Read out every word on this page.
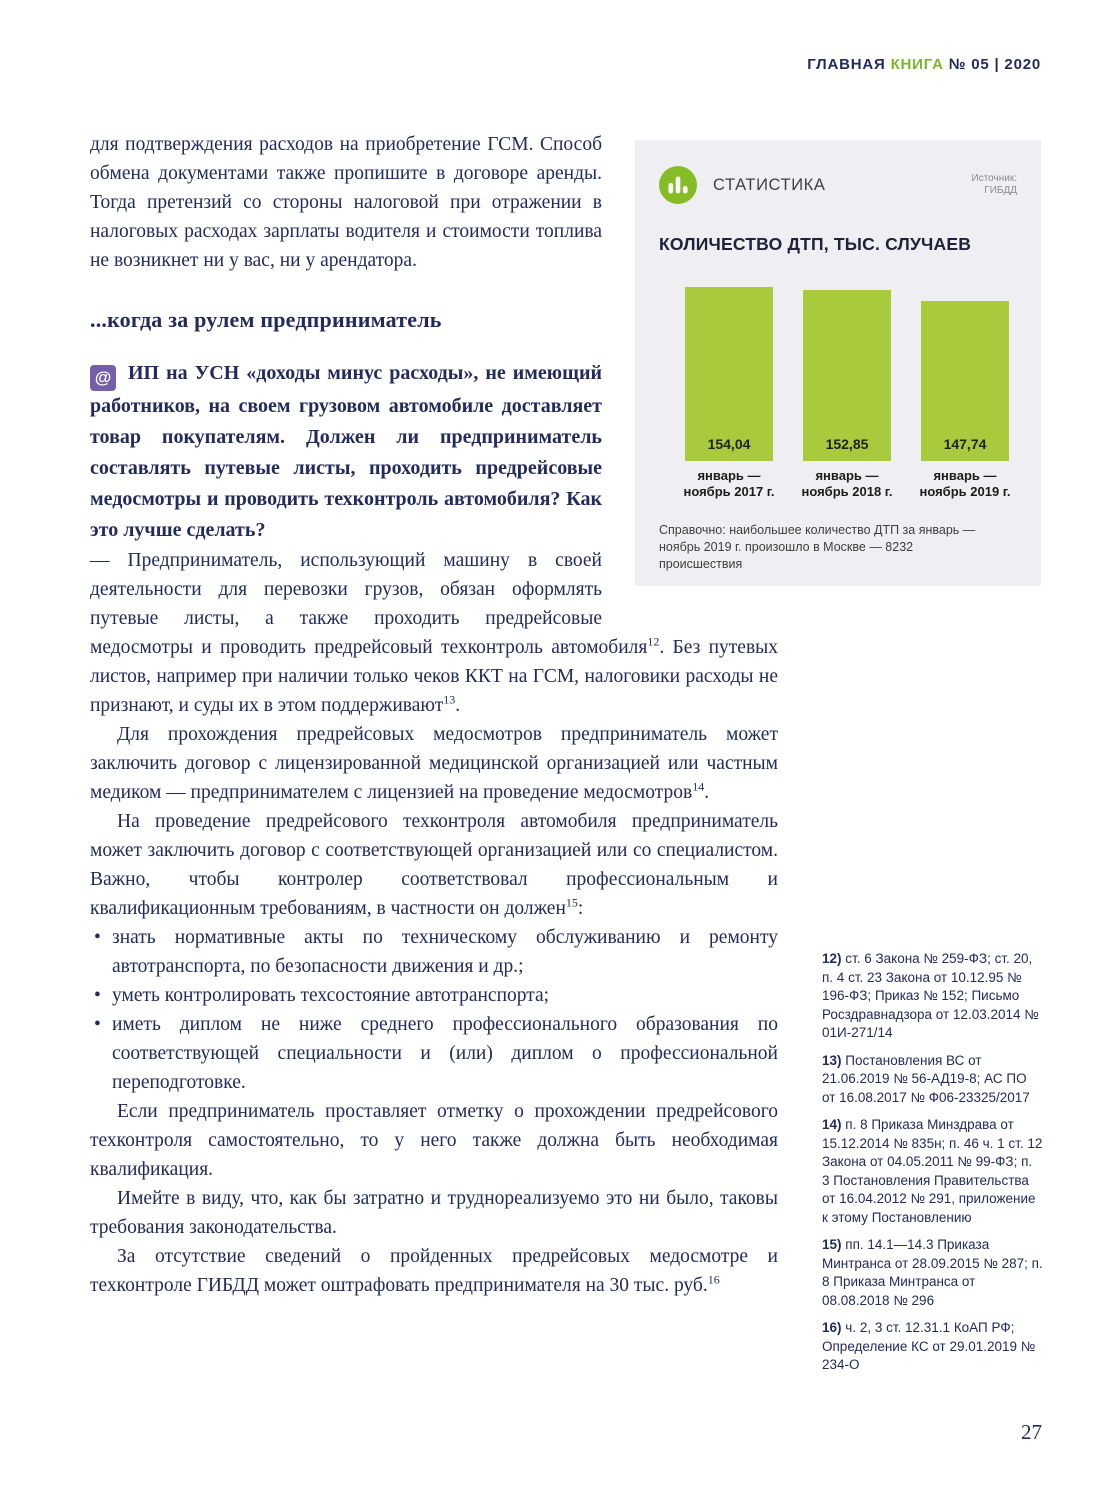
ГЛАВНАЯ КНИГА № 05 | 2020

для подтверждения расходов на приобретение ГСМ. Способ обмена документами также пропишите в договоре аренды. Тогда претензий со стороны налоговой при отражении в налоговых расходах зарплаты водителя и стоимости топлива не возникнет ни у вас, ни у арендатора.

...когда за рулем предприниматель

@ ИП на УСН «доходы минус расходы», не имеющий работников, на своем грузовом автомобиле доставляет товар покупателям. Должен ли предприниматель составлять путевые листы, проходить предрейсовые медосмотры и проводить техконтроль автомобиля? Как это лучше сделать?

— Предприниматель, использующий машину в своей деятельности для перевозки грузов, обязан оформлять путевые листы, а также проходить предрейсовые медосмотры и проводить предрейсовый техконтроль автомобиля$^{12}$. Без путевых листов, например при наличии только чеков ККТ на ГСМ, налоговики расходы не признают, и суды их в этом поддерживают$^{13}$.

Для прохождения предрейсовых медосмотров предприниматель может заключить договор с лицензированной медицинской организацией или частным медиком — предпринимателем с лицензией на проведение медосмотров$^{14}$.

На проведение предрейсового техконтроля автомобиля предприниматель может заключить договор с соответствующей организацией или со специалистом. Важно, чтобы контролер соответствовал профессиональным и квалификационным требованиям, в частности он должен$^{15}$:

• знать нормативные акты по техническому обслуживанию и ремонту автотранспорта, по безопасности движения и др.;
• уметь контролировать техсостояние автотранспорта;
• иметь диплом не ниже среднего профессионального образования по соответствующей специальности и (или) диплом о профессиональной переподготовке.

Если предприниматель проставляет отметку о прохождении предрейсового техконтроля самостоятельно, то у него также должна быть необходимая квалификация.

Имейте в виду, что, как бы затратно и труднореализуемо это ни было, таковы требования законодательства.

За отсутствие сведений о пройденных предрейсовых медосмотре и техконтроле ГИБДД может оштрафовать предпринимателя на 30 тыс. руб.$^{16}$

СТАТИСТИКА	Источник:
ГИБДД
КОЛИЧЕСТВО ДТП, ТЫС. СЛУЧАЕВ
154,04
январь — ноябрь 2017 г.
152,85
январь — ноябрь 2018 г.
147,74
январь — ноябрь 2019 г.
Справочно: наибольшее количество ДТП за январь — ноябрь 2019 г. произошло в Москве — 8232 происшествия
12) ст. 6 Закона № 259-ФЗ; ст. 20, п. 4 ст. 23 Закона от 10.12.95 № 196-ФЗ; Приказ № 152; Письмо Росздравнадзора от 12.03.2014 № 01И-271/14
13) Постановления ВС от 21.06.2019 № 56-АД19-8; АС ПО от 16.08.2017 № Ф06-23325/2017
14) п. 8 Приказа Минздрава от 15.12.2014 № 835н; п. 46 ч. 1 ст. 12 Закона от 04.05.2011 № 99-ФЗ; п. 3 Постановления Правительства от 16.04.2012 № 291, приложение к этому Постановлению
15) пп. 14.1—14.3 Приказа Минтранса от 28.09.2015 № 287; п. 8 Приказа Минтранса от 08.08.2018 № 296
16) ч. 2, 3 ст. 12.31.1 КоАП РФ; Определение КС от 29.01.2019 № 234-О
27
